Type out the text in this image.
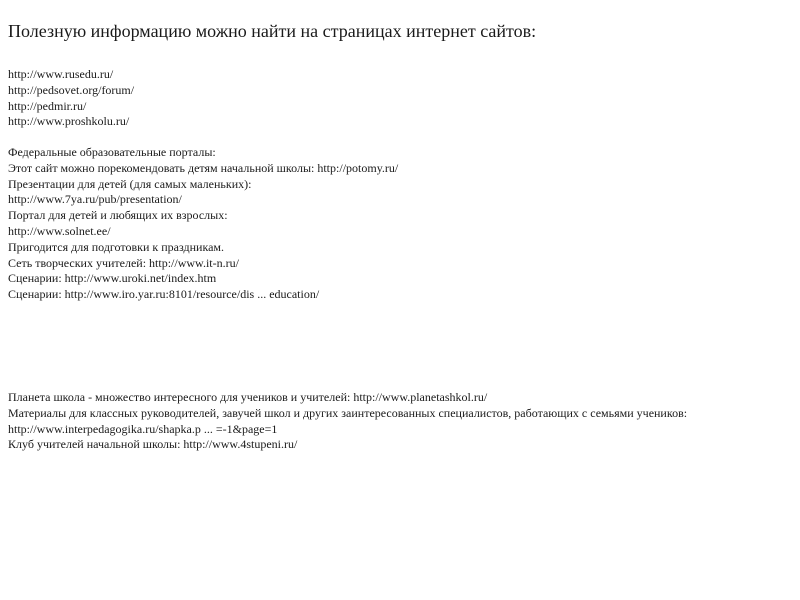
Полезную информацию можно найти на страницах интернет сайтов:
http://www.rusedu.ru/
http://pedsovet.org/forum/
http://pedmir.ru/
http://www.proshkolu.ru/
Федеральные образовательные порталы:
Этот сайт можно порекомендовать детям начальной школы: http://potomy.ru/
Презентации для детей (для самых маленьких):
http://www.7ya.ru/pub/presentation/
Портал для детей и любящих их взрослых:
http://www.solnet.ee/
Пригодится для подготовки к праздникам.
Сеть творческих учителей: http://www.it-n.ru/
Сценарии: http://www.uroki.net/index.htm
Сценарии: http://www.iro.yar.ru:8101/resource/dis ... education/
Планета школа - множество интересного для учеников и учителей: http://www.planetashkol.ru/
Материалы для классных руководителей, завучей школ и других заинтересованных специалистов, работающих с семьями учеников:
http://www.interpedagogika.ru/shapka.p ... =-1&page=1
Клуб учителей начальной школы: http://www.4stupeni.ru/
